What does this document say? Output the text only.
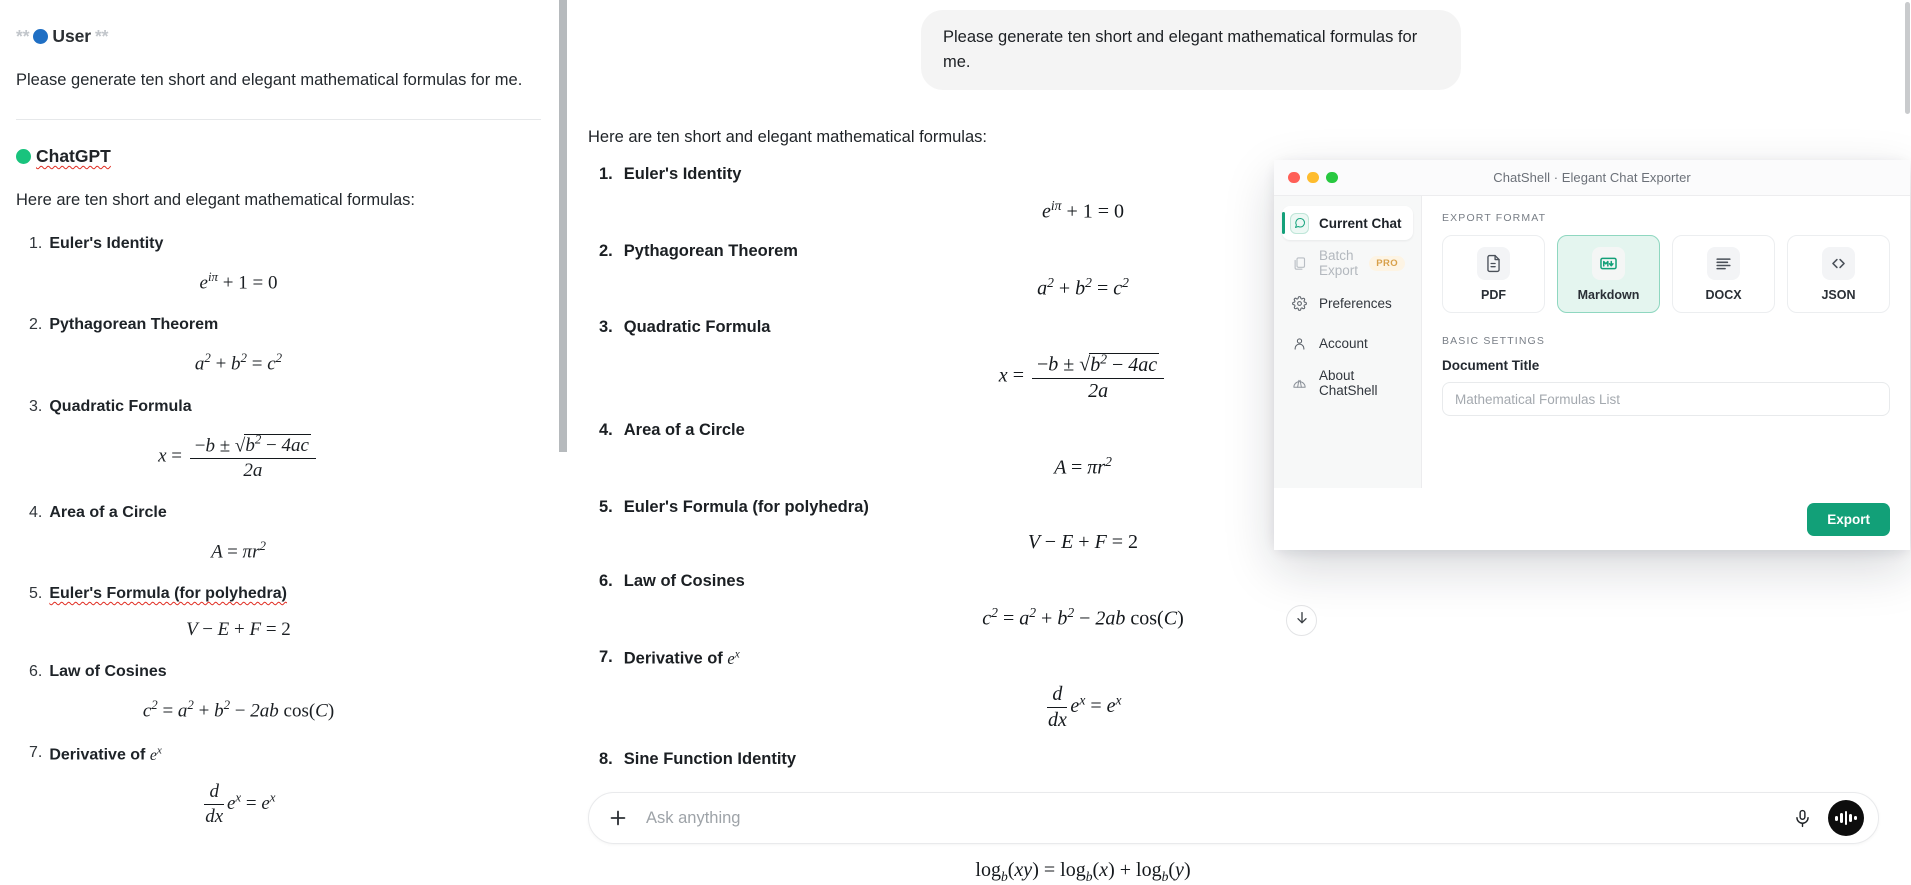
** User **
Please generate ten short and elegant mathematical formulas for me.
ChatGPT
Here are ten short and elegant mathematical formulas:
1. Euler's Identity
$e^{i\pi} + 1 = 0$
2. Pythagorean Theorem
$a^2 + b^2 = c^2$
3. Quadratic Formula
$x = \frac{-b \pm √b^2 - 4ac}{2a}$
4. Area of a Circle
$A = \pi r^2$
5. Euler's Formula (for polyhedra)
V − E + F = 2
6. Law of Cosines
$c^2 = a^2 + b^2 - 2ab$ cos(C)
7. Derivative of $e^x$
$\frac{d}{dx} e^x = e^x$
Please generate ten short and elegant mathematical formulas for me.
Here are ten short and elegant mathematical formulas:
1. Euler's Identity
$e^{i\pi} + 1 = 0$
2. Pythagorean Theorem
$a^2 + b^2 = c^2$
3. Quadratic Formula
$x = \frac{-b \pm √b^2 - 4ac}{2a}$
4. Area of a Circle
$A = \pi r^2$
5. Euler's Formula (for polyhedra)
V − E + F = 2
6. Law of Cosines
$c^2 = a^2 + b^2 - 2ab$ cos(C)
7. Derivative of $e^x$
$\frac{d}{dx} e^x = e^x$
8. Sine Function Identity
$\log_b(xy) = \log_b(x) + \log_b(y)$
Ask anything
ChatShell · Elegant Chat Exporter
Current Chat
Batch Export	PRO
Preferences
Account
About ChatShell
EXPORT FORMAT
PDF	Markdown	DOCX	JSON
BASIC SETTINGS
Document Title
Mathematical Formulas List
Export
